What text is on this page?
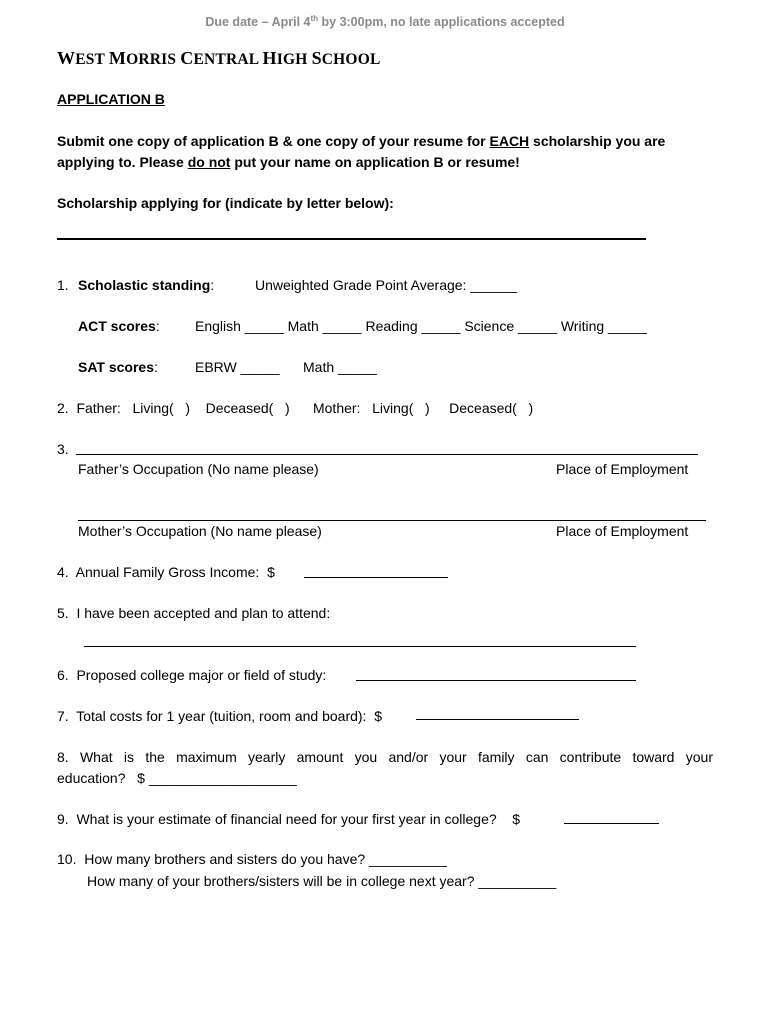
Due date – April 4th by 3:00pm, no late applications accepted
WEST MORRIS CENTRAL HIGH SCHOOL
APPLICATION B
Submit one copy of application B & one copy of your resume for EACH scholarship you are
applying to. Please do not put your name on application B or resume!
Scholarship applying for (indicate by letter below):
1. Scholastic standing:	Unweighted Grade Point Average: ______
ACT scores:	English _____ Math _____ Reading _____ Science _____ Writing _____
SAT scores:	EBRW _____ Math _____
2.  Father:   Living(   )    Deceased(   )      Mother:   Living(   )     Deceased(   )
3.
Father’s Occupation (No name please)	Place of Employment
Mother’s Occupation (No name please)	Place of Employment
4.  Annual Family Gross Income:  $
5.  I have been accepted and plan to attend:
6.  Proposed college major or field of study:
7.  Total costs for 1 year (tuition, room and board):  $
8. What is the maximum yearly amount you and/or your family can contribute toward your
education?   $ ___________________
9.  What is your estimate of financial need for your first year in college?    $
10.  How many brothers and sisters do you have? __________
How many of your brothers/sisters will be in college next year? __________
